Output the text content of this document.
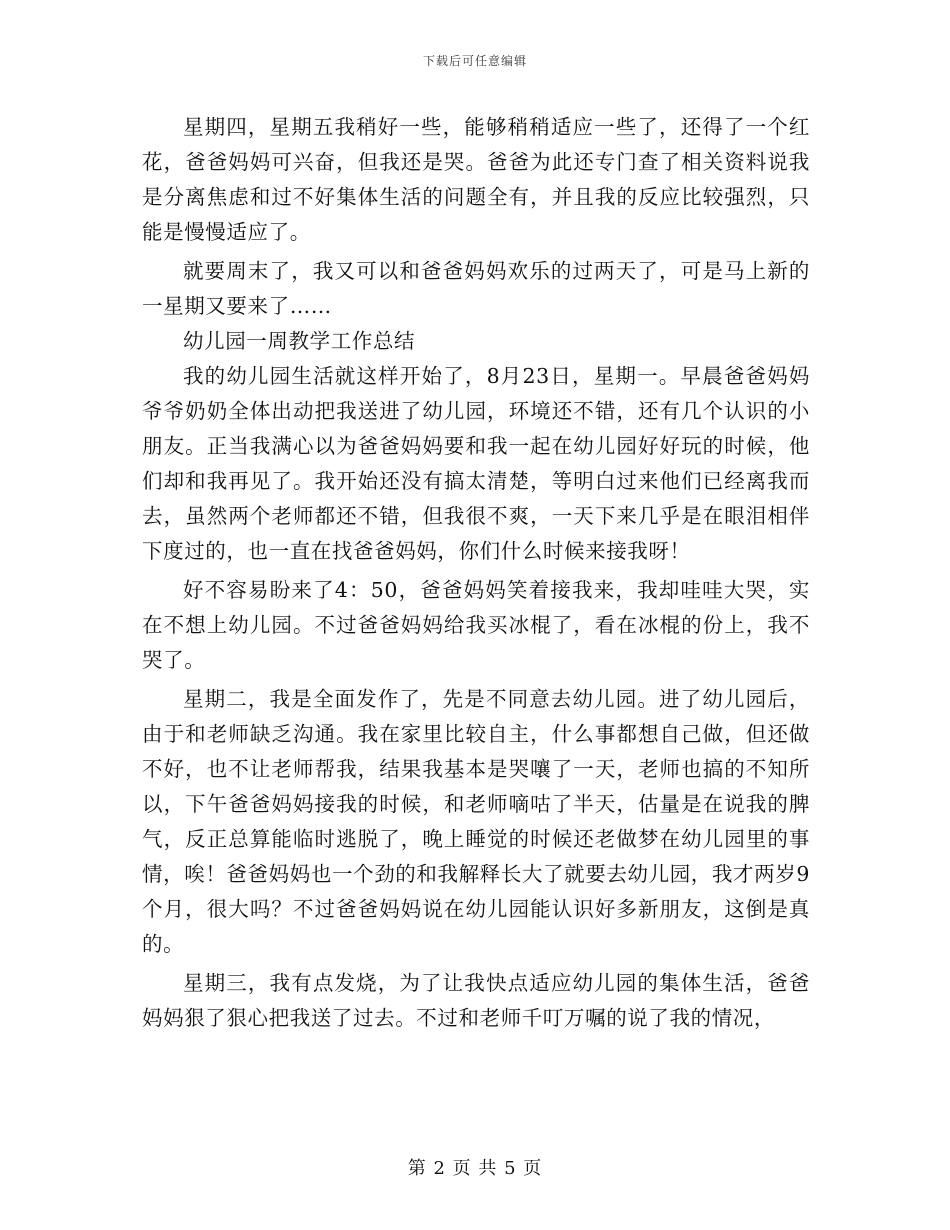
下载后可任意编辑

星期四，星期五我稍好一些，能够稍稍适应一些了，还得了一个红花，爸爸妈妈可兴奋，但我还是哭。爸爸为此还专门查了相关资料说我是分离焦虑和过不好集体生活的问题全有，并且我的反应比较强烈，只能是慢慢适应了。

就要周末了，我又可以和爸爸妈妈欢乐的过两天了，可是马上新的一星期又要来了……

幼儿园一周教学工作总结

我的幼儿园生活就这样开始了，8月23日，星期一。早晨爸爸妈妈爷爷奶奶全体出动把我送进了幼儿园，环境还不错，还有几个认识的小朋友。正当我满心以为爸爸妈妈要和我一起在幼儿园好好玩的时候，他们却和我再见了。我开始还没有搞太清楚，等明白过来他们已经离我而去，虽然两个老师都还不错，但我很不爽，一天下来几乎是在眼泪相伴下度过的，也一直在找爸爸妈妈，你们什么时候来接我呀！

好不容易盼来了4：50，爸爸妈妈笑着接我来，我却哇哇大哭，实在不想上幼儿园。不过爸爸妈妈给我买冰棍了，看在冰棍的份上，我不哭了。

星期二，我是全面发作了，先是不同意去幼儿园。进了幼儿园后，由于和老师缺乏沟通。我在家里比较自主，什么事都想自己做，但还做不好，也不让老师帮我，结果我基本是哭嚷了一天，老师也搞的不知所以，下午爸爸妈妈接我的时候，和老师嘀咕了半天，估量是在说我的脾气，反正总算能临时逃脱了，晚上睡觉的时候还老做梦在幼儿园里的事情，唉！爸爸妈妈也一个劲的和我解释长大了就要去幼儿园，我才两岁9个月，很大吗？不过爸爸妈妈说在幼儿园能认识好多新朋友，这倒是真的。

星期三，我有点发烧，为了让我快点适应幼儿园的集体生活，爸爸妈妈狠了狠心把我送了过去。不过和老师千叮万嘱的说了我的情况，

第 2 页 共 5 页
